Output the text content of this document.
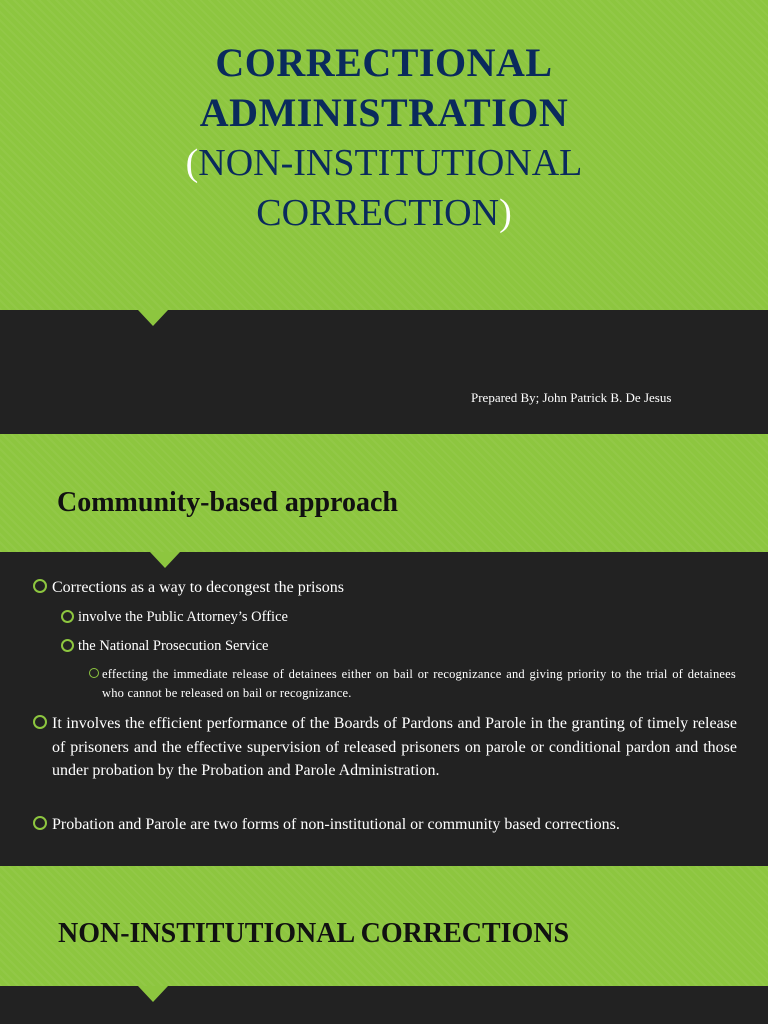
CORRECTIONAL
ADMINISTRATION
(NON-INSTITUTIONAL
CORRECTION)
Prepared By; John Patrick B. De Jesus
Community-based approach
Corrections as a way to decongest the prisons
involve the Public Attorney’s Office
the National Prosecution Service
effecting the immediate release of detainees either on bail or recognizance and giving priority to the trial of detainees who cannot be released on bail or recognizance.
It involves the efficient performance of the Boards of Pardons and Parole in the granting of timely release of prisoners and the effective supervision of released prisoners on parole or conditional pardon and those under probation by the Probation and Parole Administration.
Probation and Parole are two forms of non-institutional or community based corrections.
NON-INSTITUTIONAL CORRECTIONS
